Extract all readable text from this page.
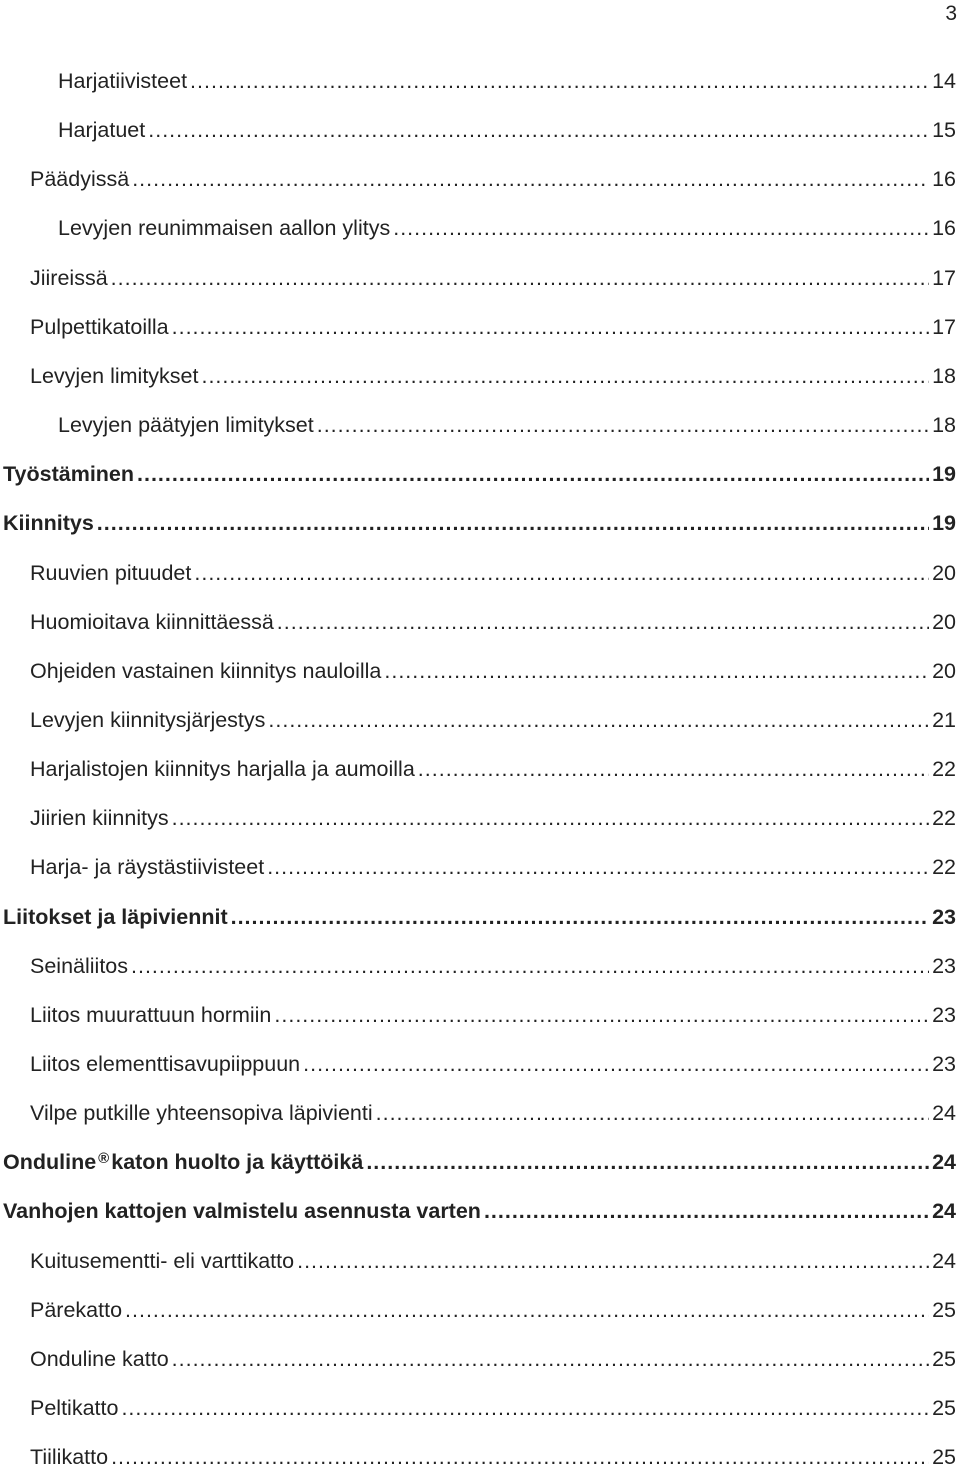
3
Harjatiivisteet .....	14
Harjatuet .....	15
Päädyissä .....	16
Levyjen reunimmaisen aallon ylitys .....	16
Jiireissä .....	17
Pulpettikatoilla .....	17
Levyjen limitykset .....	18
Levyjen päätyjen limitykset .....	18
Työstäminen .....	19
Kiinnitys .....	19
Ruuvien pituudet .....	20
Huomioitava kiinnittäessä .....	20
Ohjeiden vastainen kiinnitys nauloilla .....	20
Levyjen kiinnitysjärjestys .....	21
Harjalistojen kiinnitys harjalla ja aumoilla .....	22
Jiirien kiinnitys .....	22
Harja- ja räystästiivisteet .....	22
Liitokset ja läpiviennit .....	23
Seinäliitos .....	23
Liitos muurattuun hormiin .....	23
Liitos elementtisavupiippuun .....	23
Vilpe putkille yhteensopiva läpivienti .....	24
Onduline ® katon huolto ja käyttöikä .....	24
Vanhojen kattojen valmistelu asennusta varten .....	24
Kuitusementti- eli varttikatto .....	24
Pärekatto .....	25
Onduline katto .....	25
Peltikatto .....	25
Tiilikatto .....	25
